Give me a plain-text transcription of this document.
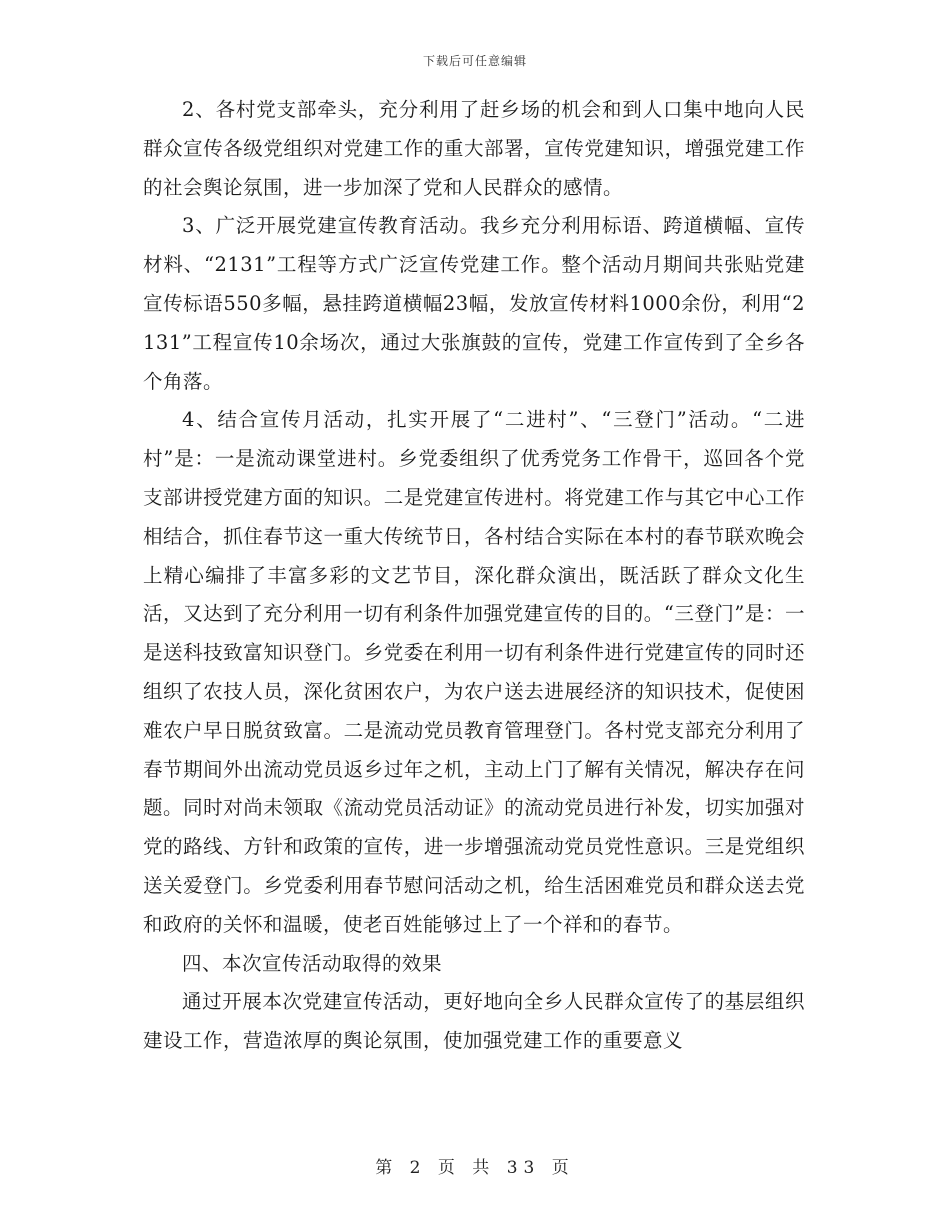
下载后可任意编辑

2、各村党支部牵头，充分利用了赶乡场的机会和到人口集中地向人民群众宣传各级党组织对党建工作的重大部署，宣传党建知识，增强党建工作的社会舆论氛围，进一步加深了党和人民群众的感情。

3、广泛开展党建宣传教育活动。我乡充分利用标语、跨道横幅、宣传材料、“2131”工程等方式广泛宣传党建工作。整个活动月期间共张贴党建宣传标语550多幅，悬挂跨道横幅23幅，发放宣传材料1000余份，利用“2131”工程宣传10余场次，通过大张旗鼓的宣传，党建工作宣传到了全乡各个角落。

4、结合宣传月活动，扎实开展了“二进村”、“三登门”活动。“二进村”是：一是流动课堂进村。乡党委组织了优秀党务工作骨干，巡回各个党支部讲授党建方面的知识。二是党建宣传进村。将党建工作与其它中心工作相结合，抓住春节这一重大传统节日，各村结合实际在本村的春节联欢晚会上精心编排了丰富多彩的文艺节目，深化群众演出，既活跃了群众文化生活，又达到了充分利用一切有利条件加强党建宣传的目的。“三登门”是：一是送科技致富知识登门。乡党委在利用一切有利条件进行党建宣传的同时还组织了农技人员，深化贫困农户，为农户送去进展经济的知识技术，促使困难农户早日脱贫致富。二是流动党员教育管理登门。各村党支部充分利用了春节期间外出流动党员返乡过年之机，主动上门了解有关情况，解决存在问题。同时对尚未领取《流动党员活动证》的流动党员进行补发，切实加强对党的路线、方针和政策的宣传，进一步增强流动党员党性意识。三是党组织送关爱登门。乡党委利用春节慰问活动之机，给生活困难党员和群众送去党和政府的关怀和温暖，使老百姓能够过上了一个祥和的春节。

四、本次宣传活动取得的效果

通过开展本次党建宣传活动，更好地向全乡人民群众宣传了的基层组织建设工作，营造浓厚的舆论氛围，使加强党建工作的重要意义

第 2 页 共 33 页
